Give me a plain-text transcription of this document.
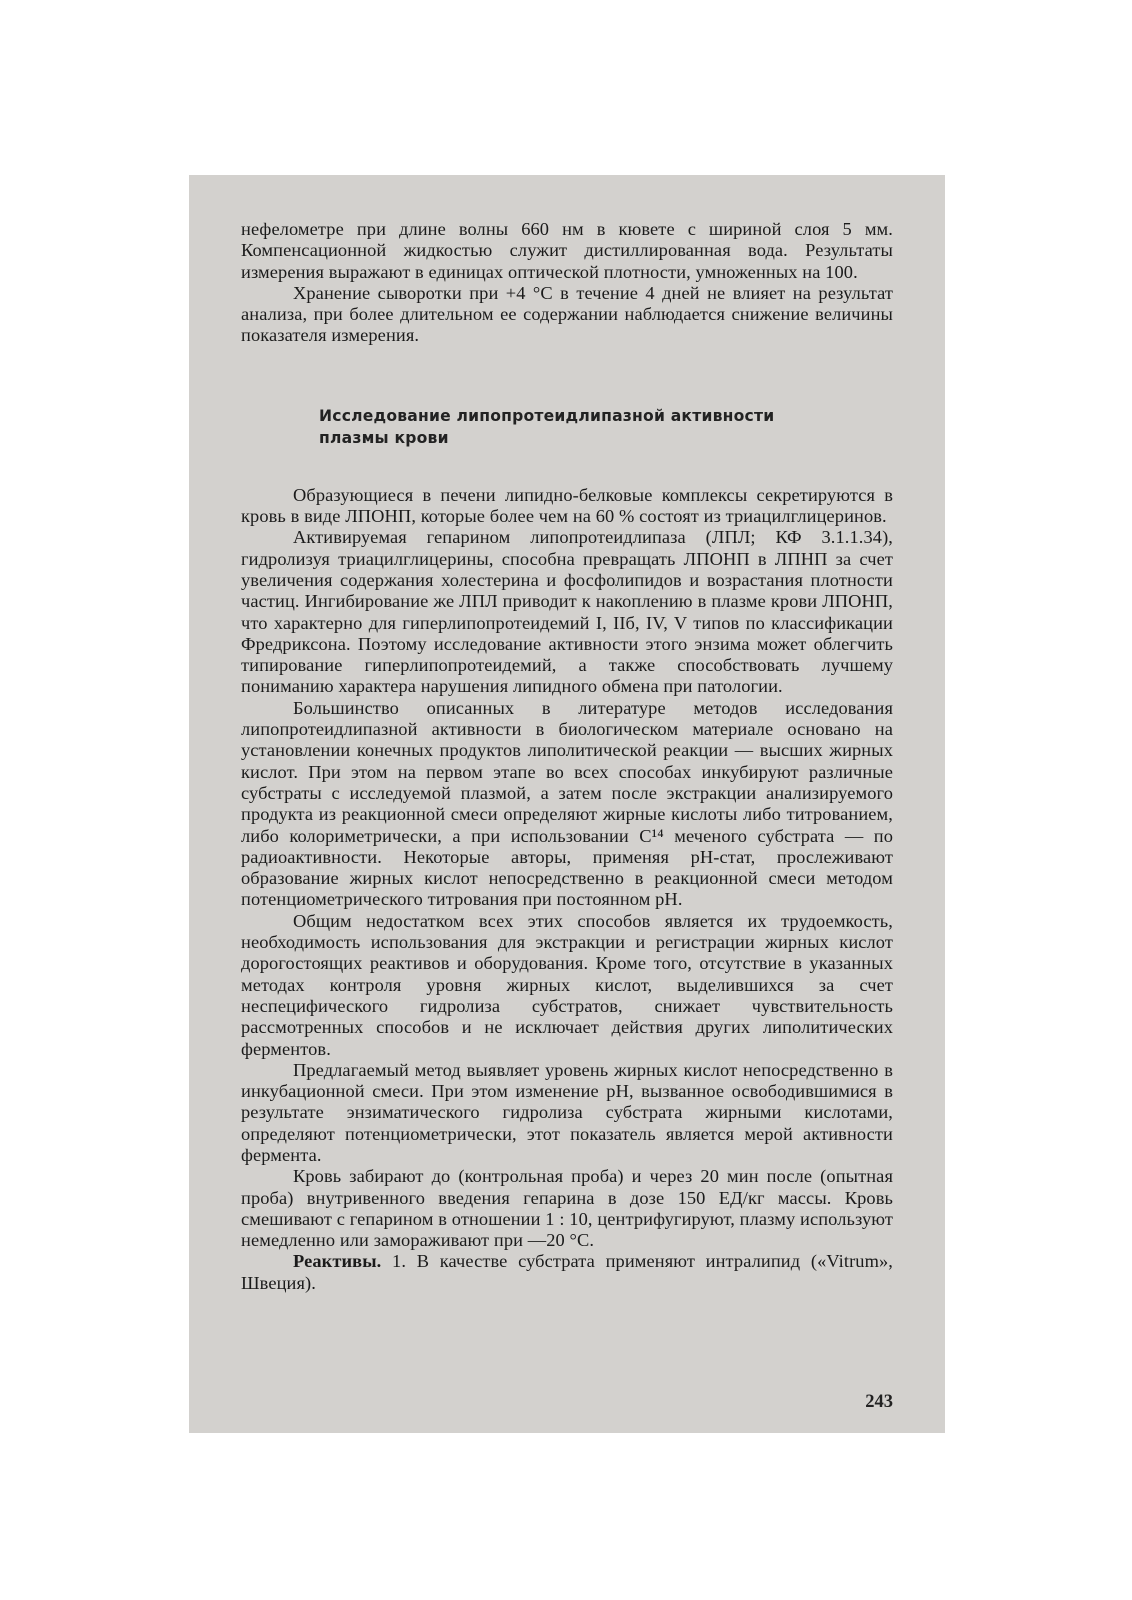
нефелометре при длине волны 660 нм в кювете с шириной слоя 5 мм. Компенсационной жидкостью служит дистиллированная вода. Результаты измерения выражают в единицах оптической плотности, умноженных на 100.

Хранение сыворотки при +4 °С в течение 4 дней не влияет на результат анализа, при более длительном ее содержании наблюдается снижение величины показателя измерения.

Исследование липопротеидлипазной активности
плазмы крови

Образующиеся в печени липидно-белковые комплексы секретируются в кровь в виде ЛПОНП, которые более чем на 60 % состоят из триацилглицеринов.

Активируемая гепарином липопротеидлипаза (ЛПЛ; КФ 3.1.1.34), гидролизуя триацилглицерины, способна превращать ЛПОНП в ЛПНП за счет увеличения содержания холестерина и фосфолипидов и возрастания плотности частиц. Ингибирование же ЛПЛ приводит к накоплению в плазме крови ЛПОНП, что характерно для гиперлипопротеидемий I, IIб, IV, V типов по классификации Фредриксона. Поэтому исследование активности этого энзима может облегчить типирование гиперлипопротеидемий, а также способствовать лучшему пониманию характера нарушения липидного обмена при патологии.

Большинство описанных в литературе методов исследования липопротеидлипазной активности в биологическом материале основано на установлении конечных продуктов липолитической реакции — высших жирных кислот. При этом на первом этапе во всех способах инкубируют различные субстраты с исследуемой плазмой, а затем после экстракции анализируемого продукта из реакционной смеси определяют жирные кислоты либо титрованием, либо колориметрически, а при использовании C¹⁴ меченого субстрата — по радиоактивности. Некоторые авторы, применяя pH-стат, прослеживают образование жирных кислот непосредственно в реакционной смеси методом потенциометрического титрования при постоянном pH.

Общим недостатком всех этих способов является их трудоемкость, необходимость использования для экстракции и регистрации жирных кислот дорогостоящих реактивов и оборудования. Кроме того, отсутствие в указанных методах контроля уровня жирных кислот, выделившихся за счет неспецифического гидролиза субстратов, снижает чувствительность рассмотренных способов и не исключает действия других липолитических ферментов.

Предлагаемый метод выявляет уровень жирных кислот непосредственно в инкубационной смеси. При этом изменение pH, вызванное освободившимися в результате энзиматического гидролиза субстрата жирными кислотами, определяют потенциометрически, этот показатель является мерой активности фермента.

Кровь забирают до (контрольная проба) и через 20 мин после (опытная проба) внутривенного введения гепарина в дозе 150 ЕД/кг массы. Кровь смешивают с гепарином в отношении 1 : 10, центрифугируют, плазму используют немедленно или замораживают при —20 °С.

Реактивы. 1. В качестве субстрата применяют интралипид («Vitrum», Швеция).

243
